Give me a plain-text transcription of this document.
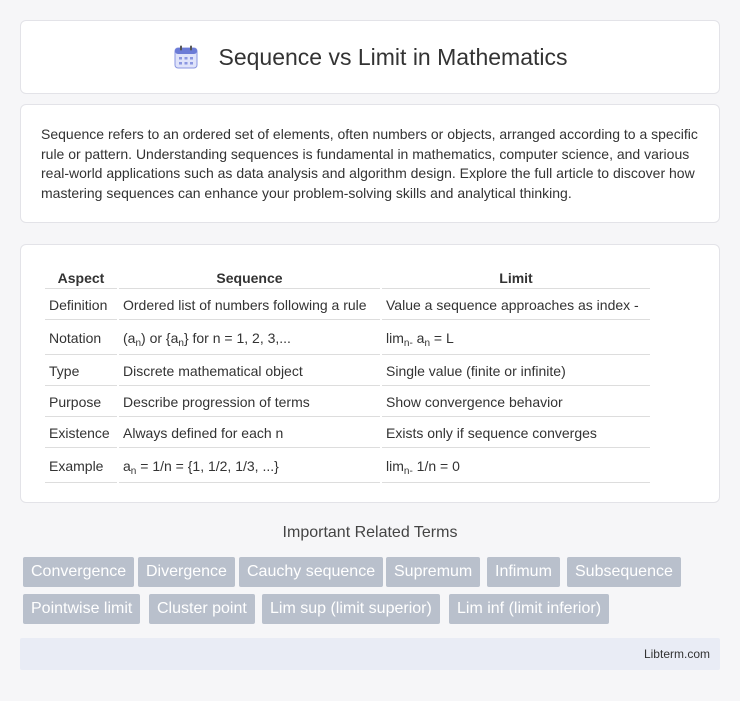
Sequence vs Limit in Mathematics

Sequence refers to an ordered set of elements, often numbers or objects, arranged according to a specific rule or pattern. Understanding sequences is fundamental in mathematics, computer science, and various real-world applications such as data analysis and algorithm design. Explore the full article to discover how mastering sequences can enhance your problem-solving skills and analytical thinking.

Aspect	Sequence	Limit
Definition	Ordered list of numbers following a rule	Value a sequence approaches as index -
Notation	$(a_n)$ or $\{a_n\}$ for n = 1, 2, 3,...	$\lim_{n-} a_n = L$
Type	Discrete mathematical object	Single value (finite or infinite)
Purpose	Describe progression of terms	Show convergence behavior
Existence	Always defined for each n	Exists only if sequence converges
Example	$a_n = 1/n = \{1$, 1/2, 1/3, ...}	$\lim_{n-} 1/n = 0$
Important Related Terms
Convergence	Divergence	Cauchy sequence	Supremum	Infimum	Subsequence
Pointwise limit	Cluster point	Lim sup (limit superior)	Lim inf (limit inferior)
Libterm.com
